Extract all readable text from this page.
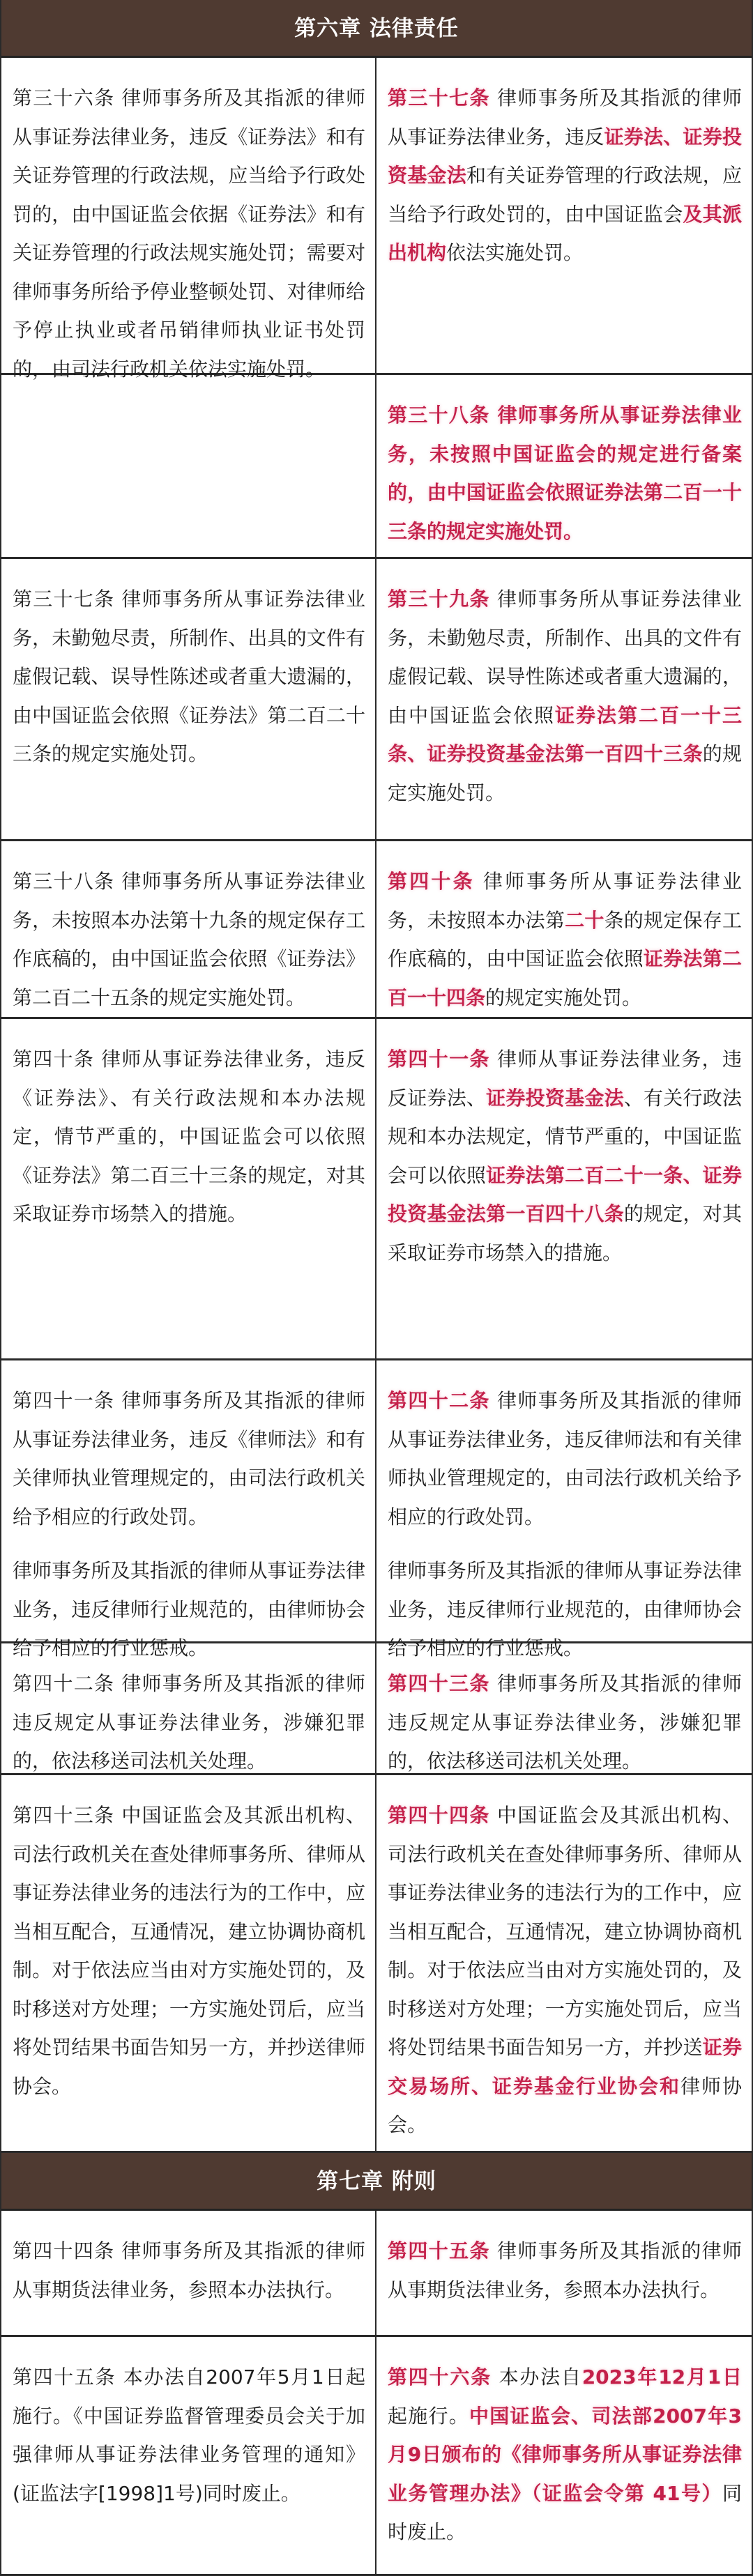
第六章 法律责任
第三十六条 律师事务所及其指派的律师从事证券法律业务，违反《证券法》和有关证券管理的行政法规，应当给予行政处罚的，由中国证监会依据《证券法》和有关证券管理的行政法规实施处罚；需要对律师事务所给予停业整顿处罚、对律师给予停止执业或者吊销律师执业证书处罚的，由司法行政机关依法实施处罚。
第三十七条 律师事务所及其指派的律师从事证券法律业务，违反证券法、证券投资基金法和有关证券管理的行政法规，应当给予行政处罚的，由中国证监会及其派出机构依法实施处罚。
第三十八条 律师事务所从事证券法律业务，未按照中国证监会的规定进行备案的，由中国证监会依照证券法第二百一十三条的规定实施处罚。
第三十七条 律师事务所从事证券法律业务，未勤勉尽责，所制作、出具的文件有虚假记载、误导性陈述或者重大遗漏的，由中国证监会依照《证券法》第二百二十三条的规定实施处罚。
第三十九条 律师事务所从事证券法律业务，未勤勉尽责，所制作、出具的文件有虚假记载、误导性陈述或者重大遗漏的，由中国证监会依照证券法第二百一十三条、证券投资基金法第一百四十三条的规定实施处罚。
第三十八条 律师事务所从事证券法律业务，未按照本办法第十九条的规定保存工作底稿的，由中国证监会依照《证券法》第二百二十五条的规定实施处罚。
第四十条 律师事务所从事证券法律业务，未按照本办法第二十条的规定保存工作底稿的，由中国证监会依照证券法第二百一十四条的规定实施处罚。
第四十条 律师从事证券法律业务，违反《证券法》、有关行政法规和本办法规定，情节严重的，中国证监会可以依照《证券法》第二百三十三条的规定，对其采取证券市场禁入的措施。
第四十一条 律师从事证券法律业务，违反证券法、证券投资基金法、有关行政法规和本办法规定，情节严重的，中国证监会可以依照证券法第二百二十一条、证券投资基金法第一百四十八条的规定，对其采取证券市场禁入的措施。
第四十一条 律师事务所及其指派的律师从事证券法律业务，违反《律师法》和有关律师执业管理规定的，由司法行政机关给予相应的行政处罚。
律师事务所及其指派的律师从事证券法律业务，违反律师行业规范的，由律师协会给予相应的行业惩戒。
第四十二条 律师事务所及其指派的律师从事证券法律业务，违反律师法和有关律师执业管理规定的，由司法行政机关给予相应的行政处罚。
律师事务所及其指派的律师从事证券法律业务，违反律师行业规范的，由律师协会给予相应的行业惩戒。
第四十二条 律师事务所及其指派的律师违反规定从事证券法律业务，涉嫌犯罪的，依法移送司法机关处理。
第四十三条 律师事务所及其指派的律师违反规定从事证券法律业务，涉嫌犯罪的，依法移送司法机关处理。
第四十三条 中国证监会及其派出机构、司法行政机关在查处律师事务所、律师从事证券法律业务的违法行为的工作中，应当相互配合，互通情况，建立协调协商机制。对于依法应当由对方实施处罚的，及时移送对方处理；一方实施处罚后，应当将处罚结果书面告知另一方，并抄送律师协会。
第四十四条 中国证监会及其派出机构、司法行政机关在查处律师事务所、律师从事证券法律业务的违法行为的工作中，应当相互配合，互通情况，建立协调协商机制。对于依法应当由对方实施处罚的，及时移送对方处理；一方实施处罚后，应当将处罚结果书面告知另一方，并抄送证券交易场所、证券基金行业协会和律师协会。
第七章 附则
第四十四条 律师事务所及其指派的律师从事期货法律业务，参照本办法执行。
第四十五条 律师事务所及其指派的律师从事期货法律业务，参照本办法执行。
第四十五条 本办法自2007年5月1日起施行。《中国证券监督管理委员会关于加强律师从事证券法律业务管理的通知》(证监法字[1998]1号)同时废止。
第四十六条 本办法自2023年12月1日起施行。中国证监会、司法部2007年3月9日颁布的《律师事务所从事证券法律业务管理办法》（证监会令第 41号）同时废止。
